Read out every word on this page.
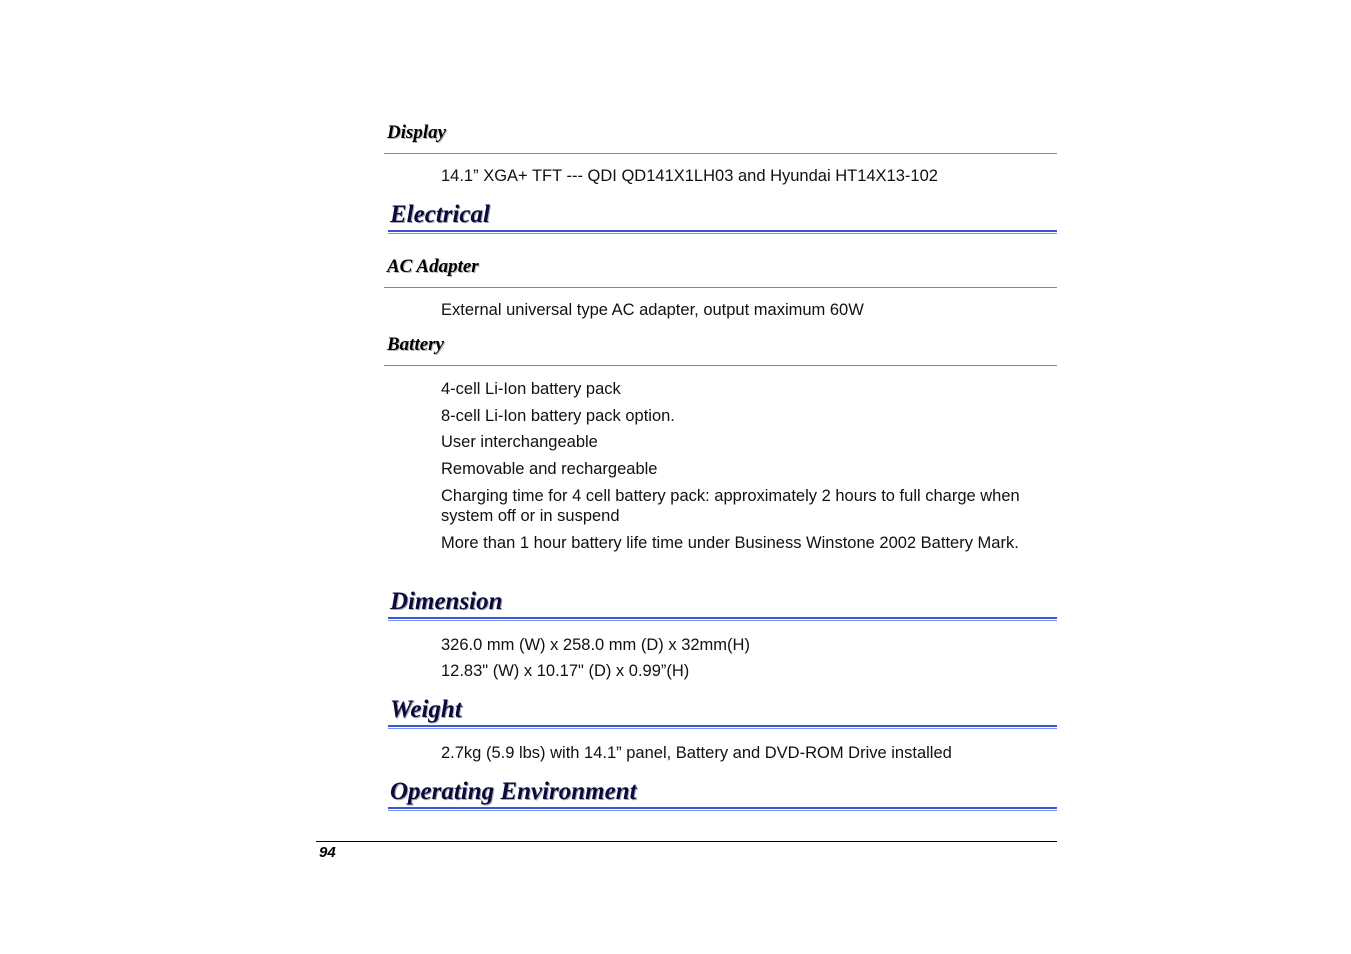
Display
14.1” XGA+ TFT --- QDI QD141X1LH03 and Hyundai HT14X13-102
Electrical
AC Adapter
External universal type AC adapter, output maximum 60W
Battery
4-cell Li-Ion battery pack
8-cell Li-Ion battery pack option.
User interchangeable
Removable and rechargeable
Charging time for 4 cell battery pack: approximately 2 hours to full charge when system off or in suspend
More than 1 hour battery life time under Business Winstone 2002 Battery Mark.
Dimension
326.0 mm (W) x 258.0 mm (D) x 32mm(H)
12.83" (W) x 10.17" (D) x 0.99”(H)
Weight
2.7kg (5.9 lbs) with 14.1” panel, Battery and DVD-ROM Drive installed
Operating Environment
94
